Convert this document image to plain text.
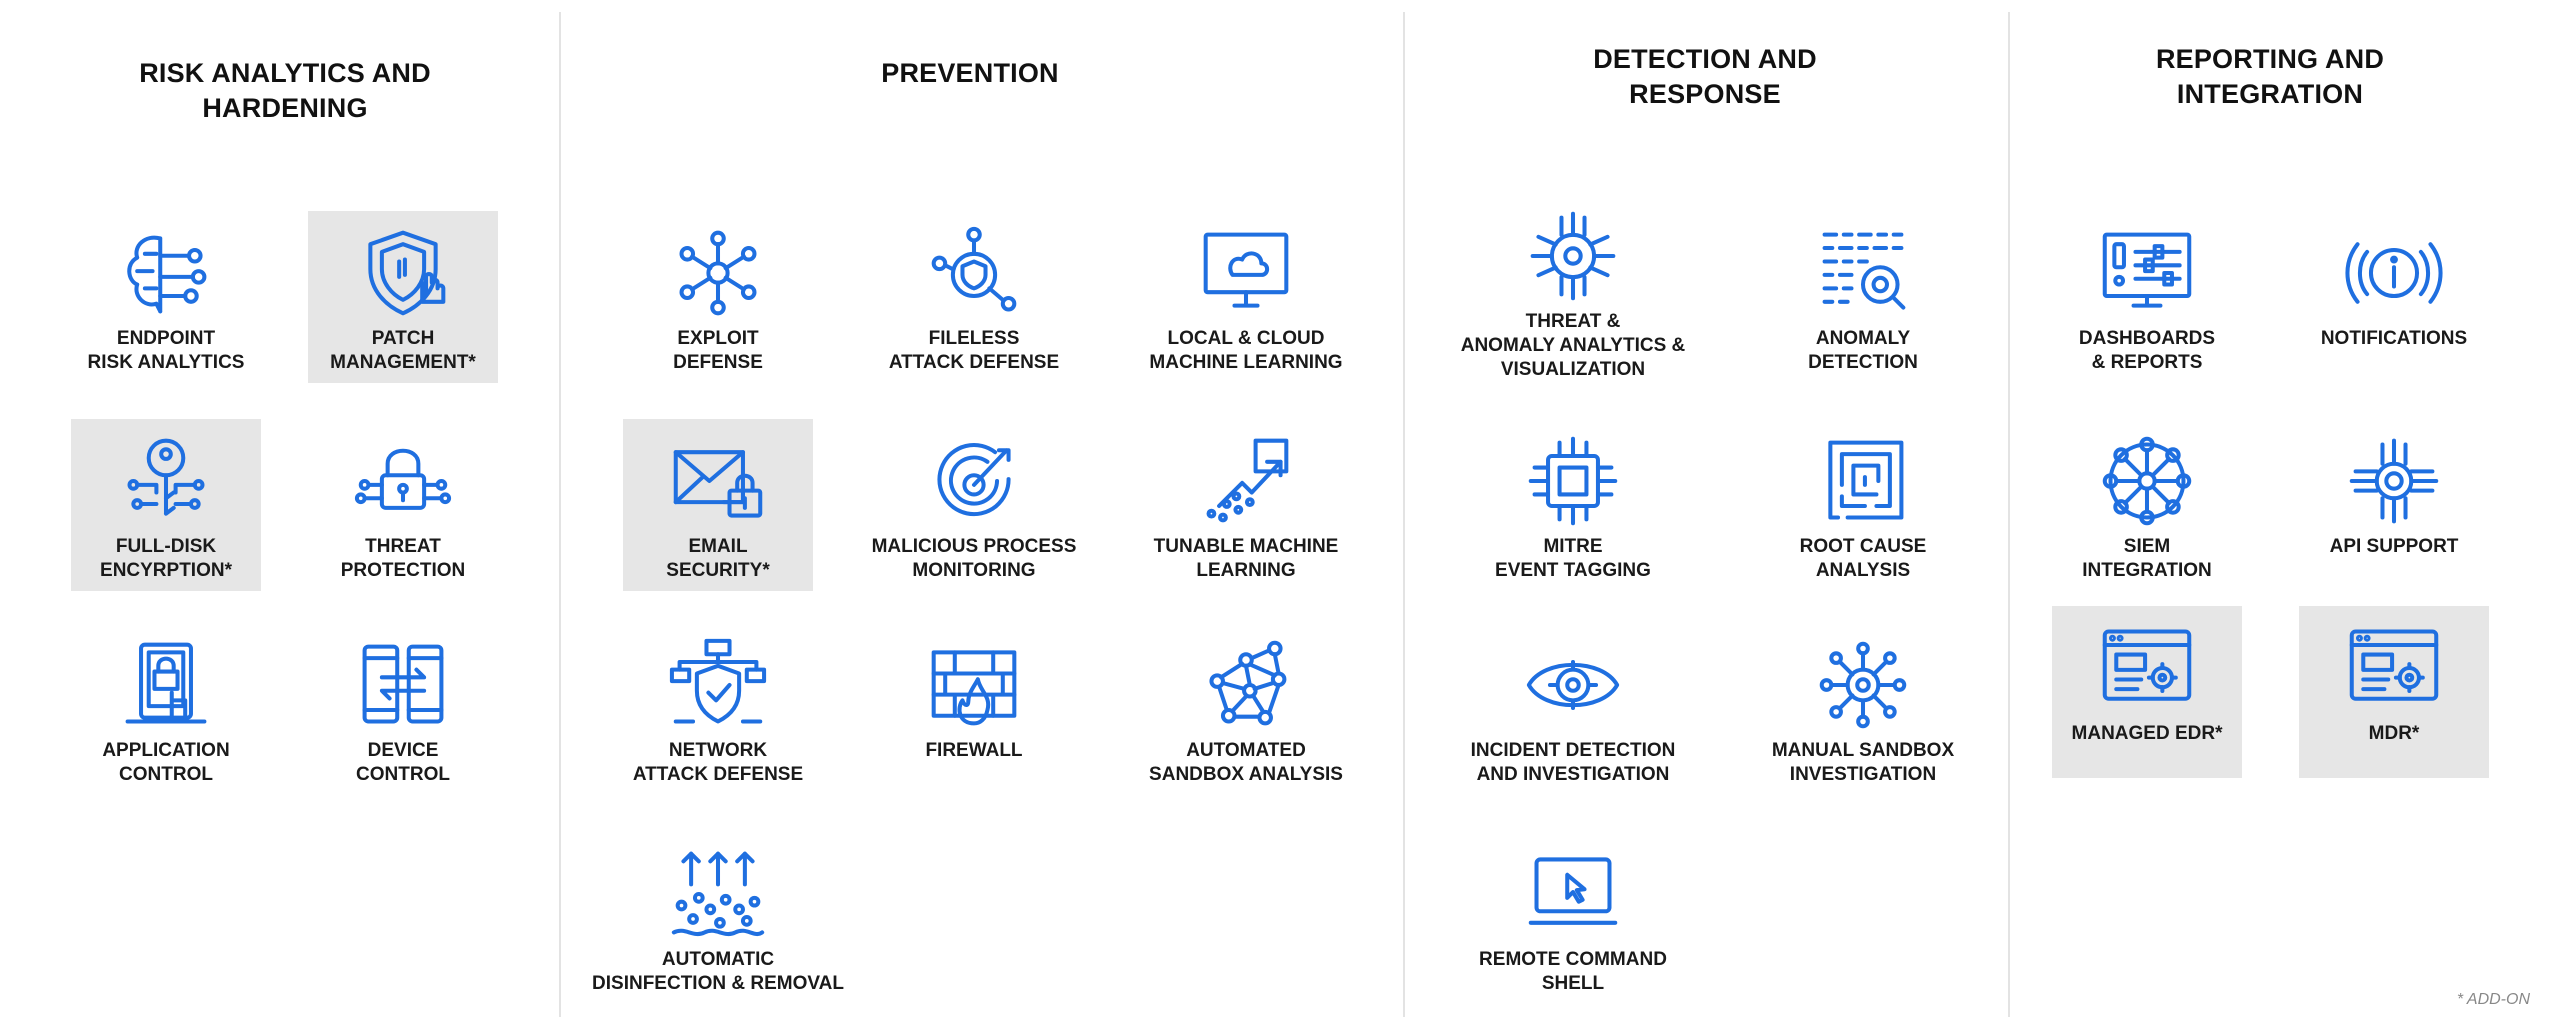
RISK ANALYTICS AND
HARDENING
PREVENTION	DETECTION AND
RESPONSE
REPORTING AND
INTEGRATION
ENDPOINT
RISK ANALYTICS
PATCH
MANAGEMENT*
FULL-DISK
ENCYRPTION*
THREAT
PROTECTION
APPLICATION
CONTROL
DEVICE
CONTROL
EXPLOIT
DEFENSE
FILELESS
ATTACK DEFENSE
LOCAL & CLOUD
MACHINE LEARNING
EMAIL
SECURITY*
MALICIOUS PROCESS
MONITORING
TUNABLE MACHINE
LEARNING
NETWORK
ATTACK DEFENSE
FIREWALL	AUTOMATED
SANDBOX ANALYSIS
AUTOMATIC
DISINFECTION & REMOVAL
THREAT &
ANOMALY ANALYTICS &
VISUALIZATION
ANOMALY
DETECTION
MITRE
EVENT TAGGING
ROOT CAUSE
ANALYSIS
INCIDENT DETECTION
AND INVESTIGATION
MANUAL SANDBOX
INVESTIGATION
REMOTE COMMAND
SHELL
DASHBOARDS
& REPORTS
NOTIFICATIONS
SIEM
INTEGRATION
API SUPPORT
MANAGED EDR*	MDR*
* ADD-ON
